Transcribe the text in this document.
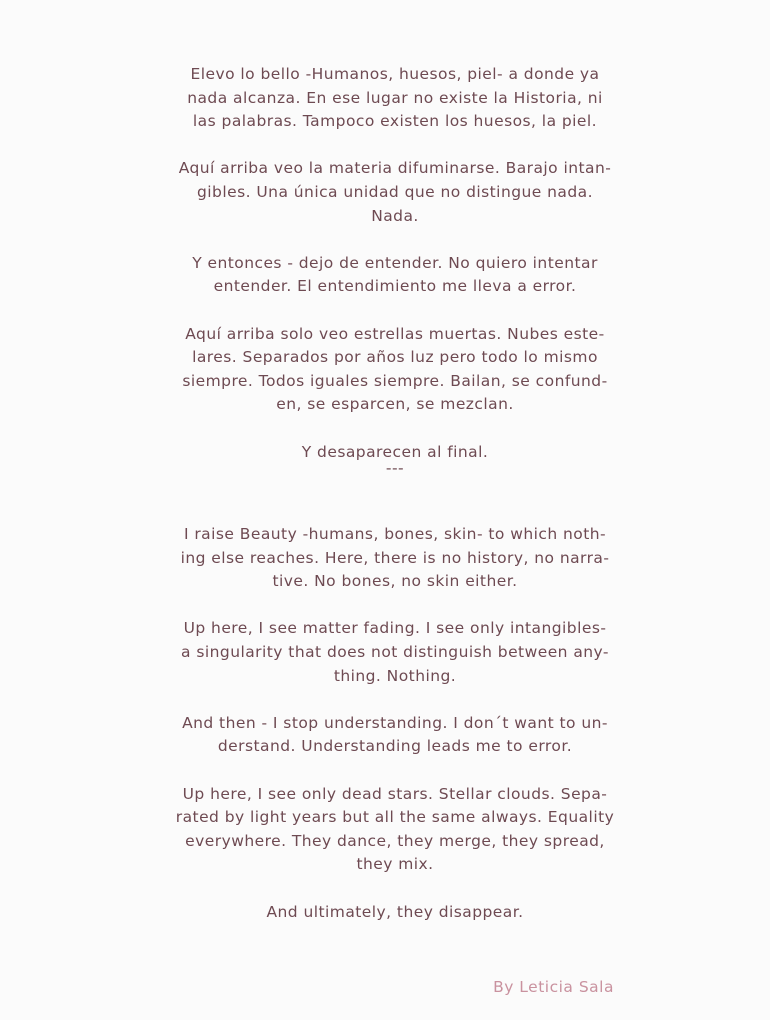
Elevo lo bello -Humanos, huesos, piel- a donde ya
nada alcanza. En ese lugar no existe la Historia, ni
las palabras. Tampoco existen los huesos, la piel.
Aquí arriba veo la materia difuminarse. Barajo intan-
gibles. Una única unidad que no distingue nada.
Nada.
Y entonces - dejo de entender. No quiero intentar
entender. El entendimiento me lleva a error.
Aquí arriba solo veo estrellas muertas. Nubes este-
lares. Separados por años luz pero todo lo mismo
siempre. Todos iguales siempre. Bailan, se confund-
en, se esparcen, se mezclan.
Y desaparecen al final.
---
I raise Beauty -humans, bones, skin- to which noth-
ing else reaches. Here, there is no history, no narra-
tive. No bones, no skin either.
Up here, I see matter fading. I see only intangibles-
a singularity that does not distinguish between any-
thing. Nothing.
And then - I stop understanding. I don´t want to un-
derstand. Understanding leads me to error.
Up here, I see only dead stars. Stellar clouds. Sepa-
rated by light years but all the same always. Equality
everywhere. They dance, they merge, they spread,
they mix.
And ultimately, they disappear.
By Leticia Sala
